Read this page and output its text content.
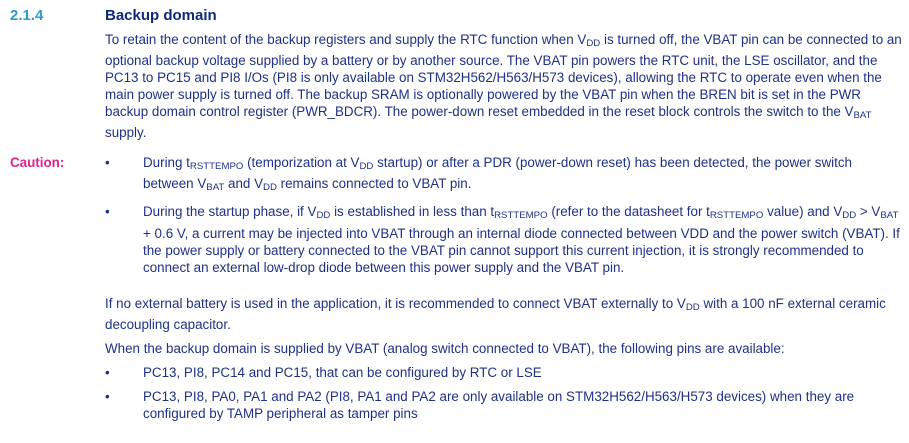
2.1.4	Backup domain

To retain the content of the backup registers and supply the RTC function when $V_{DD}$ is turned off, the VBAT pin can be connected to an optional backup voltage supplied by a battery or by another source. The VBAT pin powers the RTC unit, the LSE oscillator, and the PC13 to PC15 and PI8 I/Os (PI8 is only available on STM32H562/H563/H573 devices), allowing the RTC to operate even when the main power supply is turned off. The backup SRAM is optionally powered by the VBAT pin when the BREN bit is set in the PWR backup domain control register (PWR_BDCR). The power-down reset embedded in the reset block controls the switch to the $V_{BAT}$ supply.

Caution:	•	During $t_{RSTTEMPO}$ (temporization at $V_{DD}$ startup) or after a PDR (power-down reset) has been detected, the power switch between $V_{BAT}$ and $V_{DD}$ remains connected to VBAT pin.
•	During the startup phase, if $V_{DD}$ is established in less than $t_{RSTTEMPO}$ (refer to the datasheet for $t_{RSTTEMPO}$ value) and $V_{DD} > V_{BAT} + 0.6$ V, a current may be injected into VBAT through an internal diode connected between VDD and the power switch (VBAT). If the power supply or battery connected to the VBAT pin cannot support this current injection, it is strongly recommended to connect an external low-drop diode between this power supply and the VBAT pin.

If no external battery is used in the application, it is recommended to connect VBAT externally to $V_{DD}$ with a 100 nF external ceramic decoupling capacitor.

When the backup domain is supplied by VBAT (analog switch connected to VBAT), the following pins are available:

•	PC13, PI8, PC14 and PC15, that can be configured by RTC or LSE
•	PC13, PI8, PA0, PA1 and PA2 (PI8, PA1 and PA2 are only available on STM32H562/H563/H573 devices) when they are configured by TAMP peripheral as tamper pins
